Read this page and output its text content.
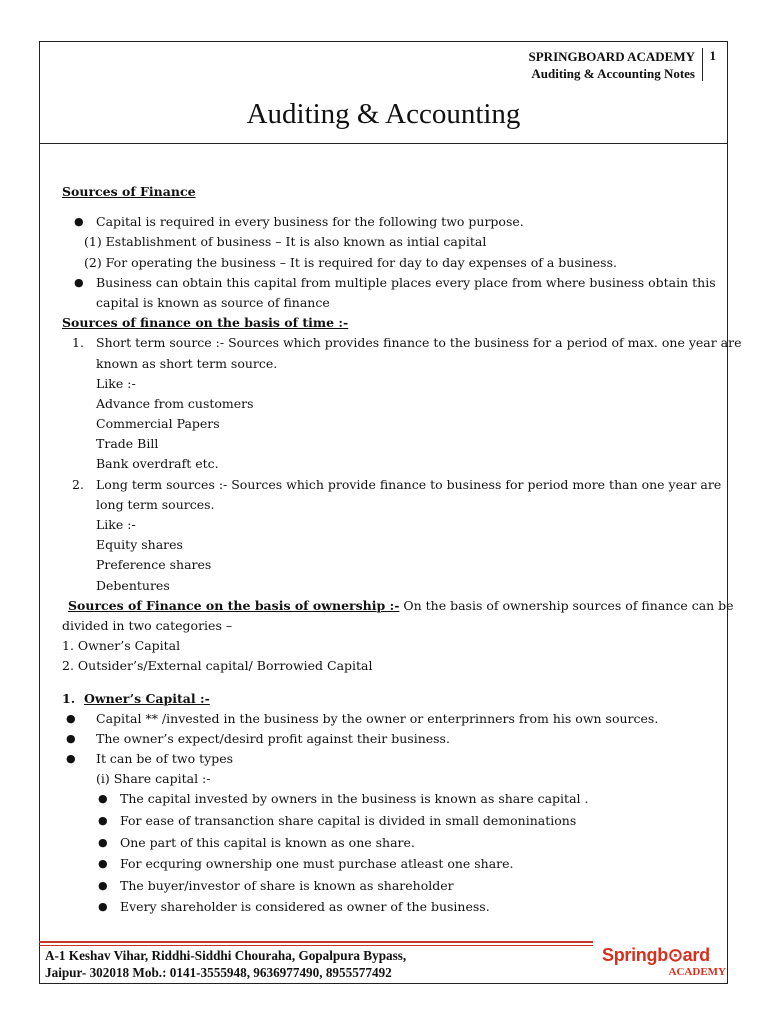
SPRINGBOARD ACADEMY
Auditing & Accounting Notes
1
Auditing & Accounting
Sources of Finance
● Capital is required in every business for the following two purpose.
(1) Establishment of business – It is also known as intial capital
(2) For operating the business – It is required for day to day expenses of a business.
● Business can obtain this capital from multiple places every place from where business obtain this
capital is known as source of finance
Sources of finance on the basis of time :-
1. Short term source :- Sources which provides finance to the business for a period of max. one year are
known as short term source.
Like :-
Advance from customers
Commercial Papers
Trade Bill
Bank overdraft etc.
2. Long term sources :- Sources which provide finance to business for period more than one year are
long term sources.
Like :-
Equity shares
Preference shares
Debentures
Sources of Finance on the basis of ownership :- On the basis of ownership sources of finance can be
divided in two categories –
1. Owner’s Capital
2. Outsider’s/External capital/ Borrowied Capital
1. Owner’s Capital :-
● Capital ** /invested in the business by the owner or enterprinners from his own sources.
● The owner’s expect/desird profit against their business.
● It can be of two types
(i) Share capital :-
● The capital invested by owners in the business is known as share capital .
● For ease of transanction share capital is divided in small demoninations
● One part of this capital is known as one share.
● For ecquring ownership one must purchase atleast one share.
● The buyer/investor of share is known as shareholder
● Every shareholder is considered as owner of the business.
A-1 Keshav Vihar, Riddhi-Siddhi Chouraha, Gopalpura Bypass,
Jaipur- 302018 Mob.: 0141-3555948, 9636977490, 8955577492
Springb⊙ard
ACADEMY
